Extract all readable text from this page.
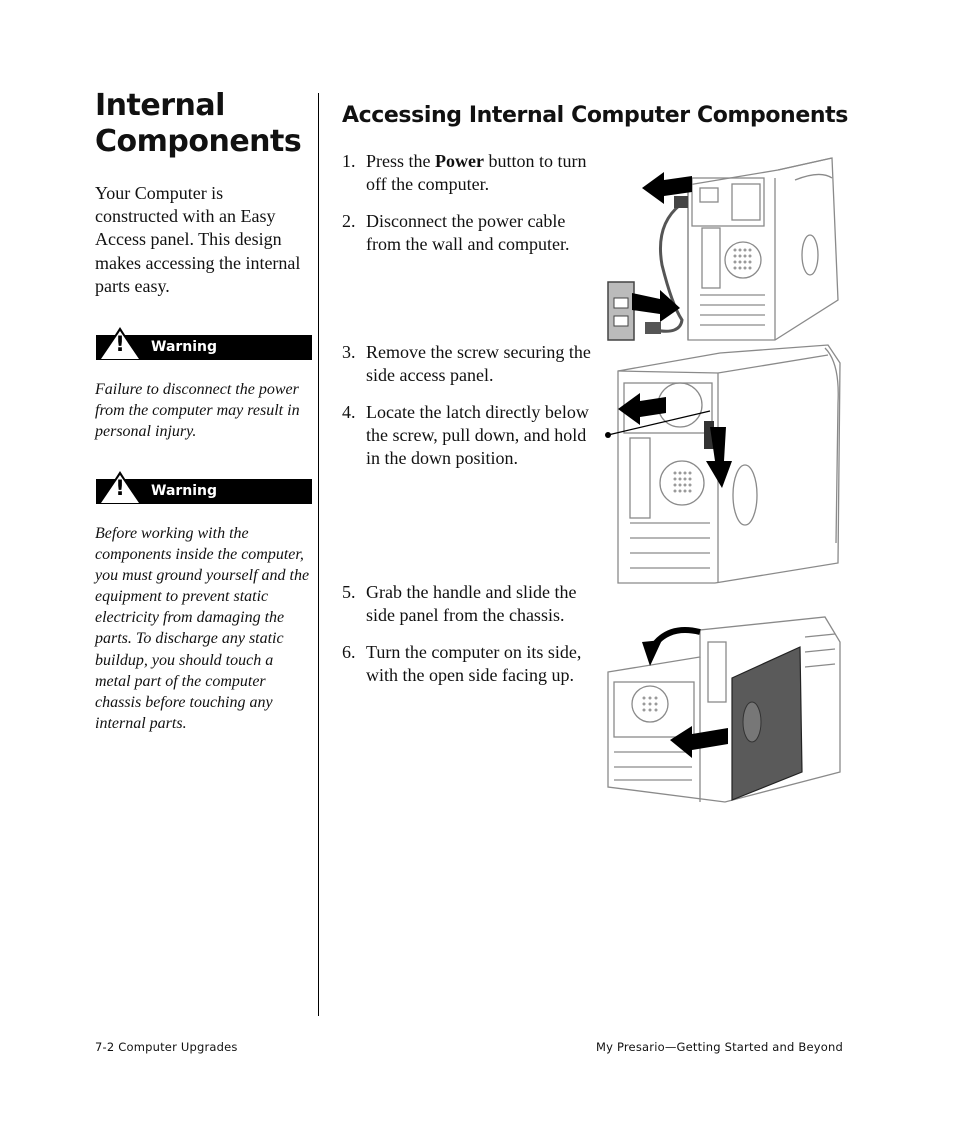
Internal
Components
Your Computer is constructed with an Easy Access panel. This design makes accessing the internal parts easy.
! Warning
Failure to disconnect the power from the computer may result in personal injury.
! Warning
Before working with the components inside the computer, you must ground yourself and the equipment to prevent static electricity from damaging the parts. To discharge any static buildup, you should touch a metal part of the computer chassis before touching any internal parts.
Accessing Internal Computer Components
1. Press the Power button to turn off the computer.
2. Disconnect the power cable from the wall and computer.
3. Remove the screw securing the side access panel.
4. Locate the latch directly below the screw, pull down, and hold in the down position.
5. Grab the handle and slide the side panel from the chassis.
6. Turn the computer on its side, with the open side facing up.
7-2 Computer Upgrades	My Presario—Getting Started and Beyond
